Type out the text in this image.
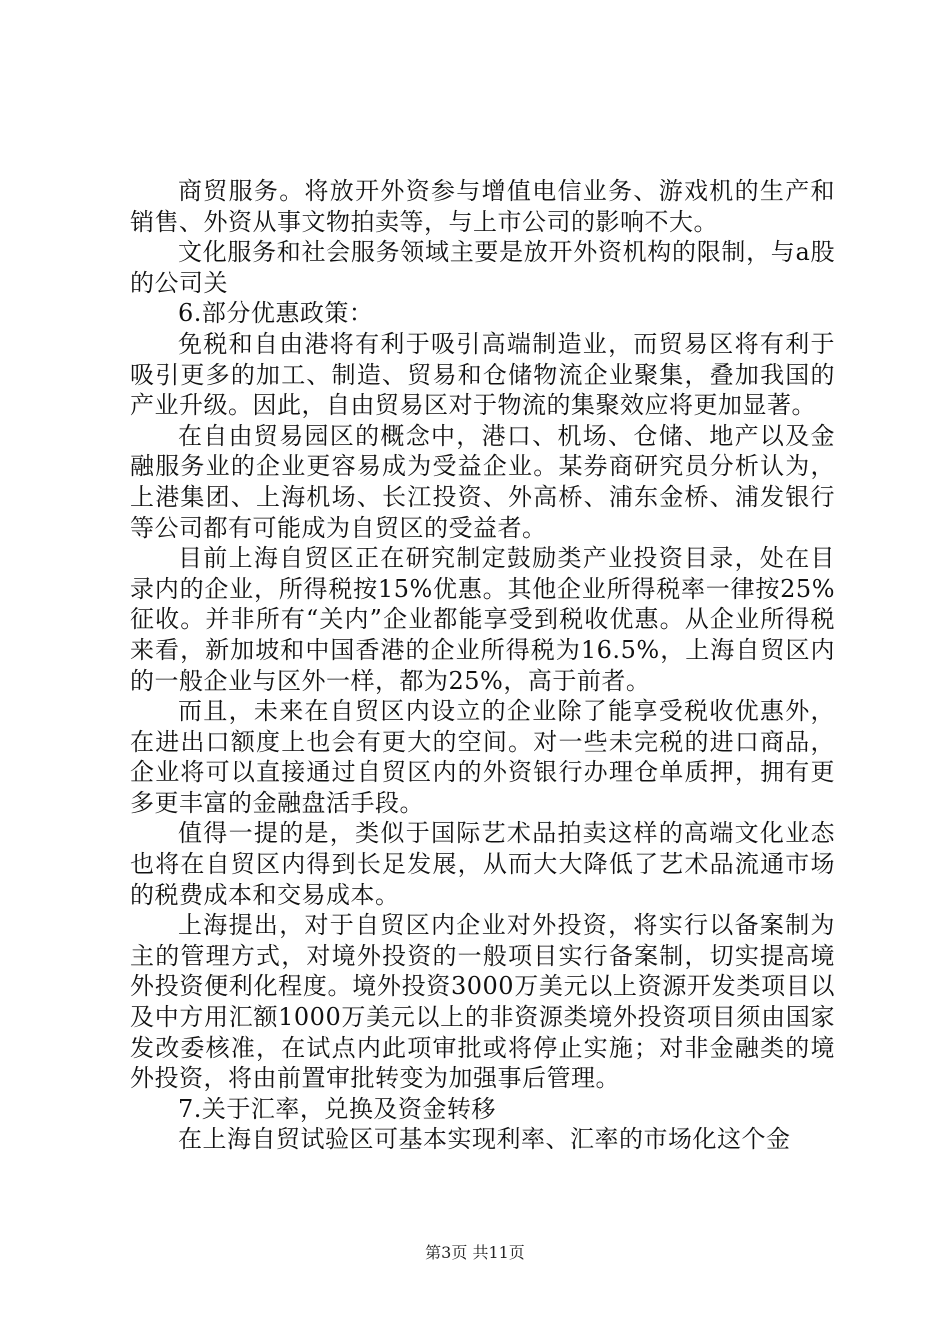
商贸服务。将放开外资参与增值电信业务、游戏机的生产和销售、外资从事文物拍卖等，与上市公司的影响不大。

文化服务和社会服务领域主要是放开外资机构的限制，与a股的公司关

6.部分优惠政策：

免税和自由港将有利于吸引高端制造业，而贸易区将有利于吸引更多的加工、制造、贸易和仓储物流企业聚集，叠加我国的产业升级。因此，自由贸易区对于物流的集聚效应将更加显著。

在自由贸易园区的概念中，港口、机场、仓储、地产以及金融服务业的企业更容易成为受益企业。某券商研究员分析认为，上港集团、上海机场、长江投资、外高桥、浦东金桥、浦发银行等公司都有可能成为自贸区的受益者。

目前上海自贸区正在研究制定鼓励类产业投资目录，处在目录内的企业，所得税按15%优惠。其他企业所得税率一律按25%征收。并非所有“关内”企业都能享受到税收优惠。从企业所得税来看，新加坡和中国香港的企业所得税为16.5%，上海自贸区内的一般企业与区外一样，都为25%，高于前者。

而且，未来在自贸区内设立的企业除了能享受税收优惠外，在进出口额度上也会有更大的空间。对一些未完税的进口商品，企业将可以直接通过自贸区内的外资银行办理仓单质押，拥有更多更丰富的金融盘活手段。

值得一提的是，类似于国际艺术品拍卖这样的高端文化业态也将在自贸区内得到长足发展，从而大大降低了艺术品流通市场的税费成本和交易成本。

上海提出，对于自贸区内企业对外投资，将实行以备案制为主的管理方式，对境外投资的一般项目实行备案制，切实提高境外投资便利化程度。境外投资3000万美元以上资源开发类项目以及中方用汇额1000万美元以上的非资源类境外投资项目须由国家发改委核准，在试点内此项审批或将停止实施；对非金融类的境外投资，将由前置审批转变为加强事后管理。

7.关于汇率，兑换及资金转移

在上海自贸试验区可基本实现利率、汇率的市场化这个金

第3页 共11页
